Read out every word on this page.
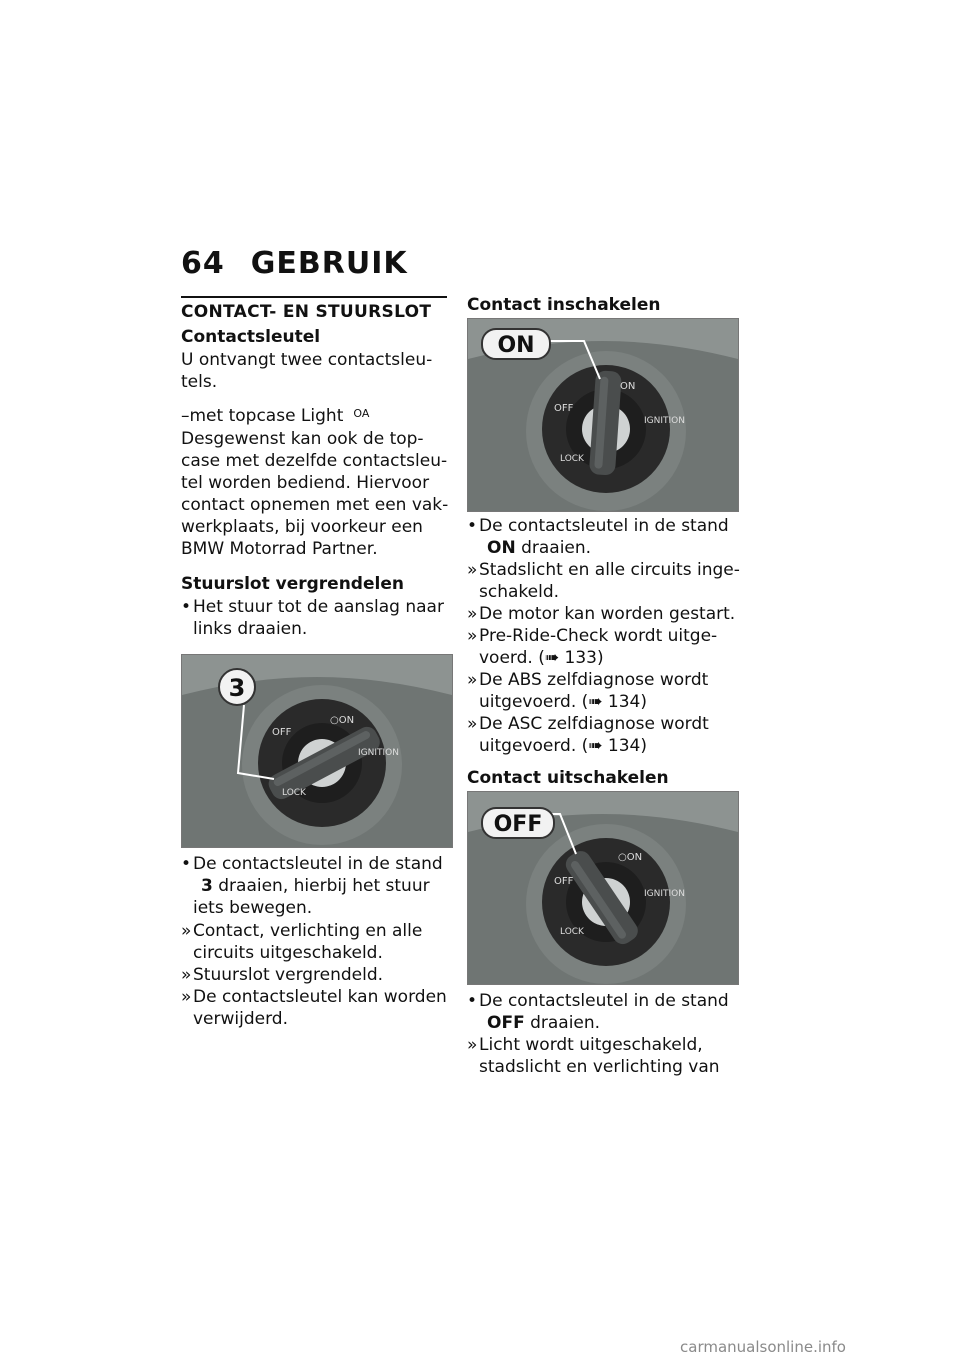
64 GEBRUIK
CONTACT- EN STUURSLOT
Contactsleutel
U ontvangt twee contactsleu-tels.
–met topcase Light $^{OA}$
Desgewenst kan ook de top-case met dezelfde contactsleu-tel worden bediend. Hiervoor contact opnemen met een vak-werkplaats, bij voorkeur een BMW Motorrad Partner.
Stuurslot vergrendelen
• Het stuur tot de aanslag naar links draaien.
OFF
○ON
IGNITION
LOCK
3
• De contactsleutel in de stand 3 draaien, hierbij het stuur iets bewegen.
» Contact, verlichting en alle circuits uitgeschakeld.
» Stuurslot vergrendeld.
» De contactsleutel kan worden verwijderd.
Contact inschakelen
OFF
ON
IGNITION
LOCK
ON
• De contactsleutel in de stand ON draaien.
» Stadslicht en alle circuits inge-schakeld.
» De motor kan worden gestart.
» Pre-Ride-Check wordt uitge-voerd. (➠ 133)
» De ABS zelfdiagnose wordt uitgevoerd. (➠ 134)
» De ASC zelfdiagnose wordt uitgevoerd. (➠ 134)
Contact uitschakelen
OFF
○ON
IGNITION
LOCK
OFF
• De contactsleutel in de stand OFF draaien.
» Licht wordt uitgeschakeld, stadslicht en verlichting van
carmanualsonline.info
